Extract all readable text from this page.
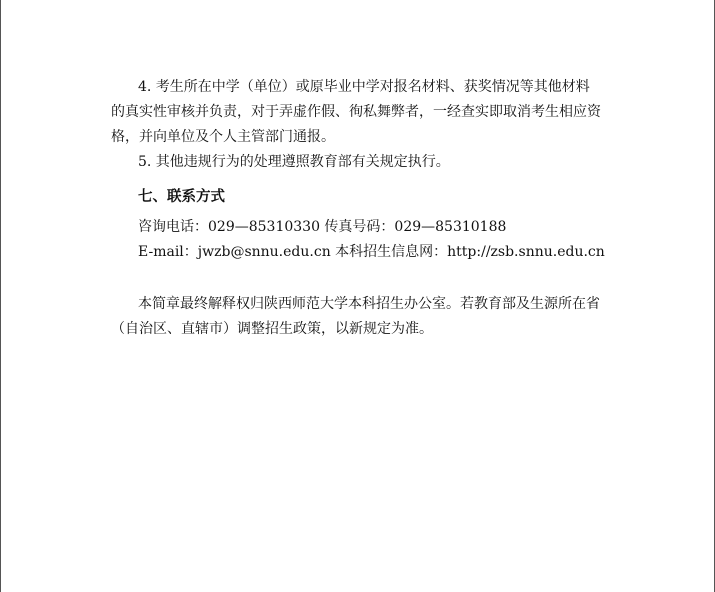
4. 考生所在中学（单位）或原毕业中学对报名材料、获奖情况等其他材料
的真实性审核并负责，对于弄虚作假、徇私舞弊者，一经查实即取消考生相应资
格，并向单位及个人主管部门通报。
5. 其他违规行为的处理遵照教育部有关规定执行。
七、联系方式
咨询电话：029—85310330 传真号码：029—85310188
E-mail：jwzb@snnu.edu.cn 本科招生信息网：http://zsb.snnu.edu.cn
本简章最终解释权归陕西师范大学本科招生办公室。若教育部及生源所在省
（自治区、直辖市）调整招生政策，以新规定为准。
